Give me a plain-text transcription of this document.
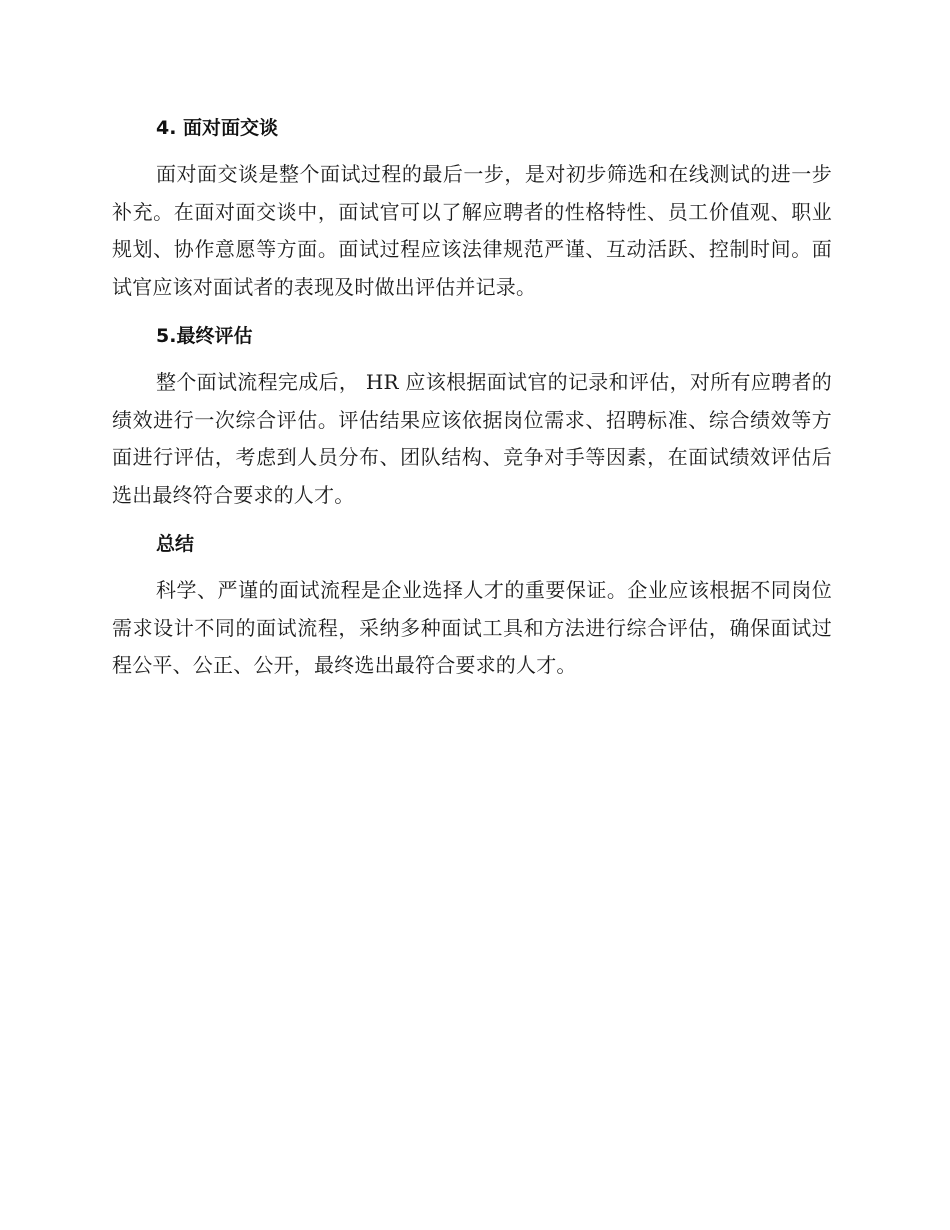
4. 面对面交谈

面对面交谈是整个面试过程的最后一步，是对初步筛选和在线测试的进一步补充。在面对面交谈中，面试官可以了解应聘者的性格特性、员工价值观、职业规划、协作意愿等方面。面试过程应该法律规范严谨、互动活跃、控制时间。面试官应该对面试者的表现及时做出评估并记录。

5.最终评估

整个面试流程完成后， HR 应该根据面试官的记录和评估，对所有应聘者的绩效进行一次综合评估。评估结果应该依据岗位需求、招聘标准、综合绩效等方面进行评估，考虑到人员分布、团队结构、竞争对手等因素，在面试绩效评估后选出最终符合要求的人才。

总结

科学、严谨的面试流程是企业选择人才的重要保证。企业应该根据不同岗位需求设计不同的面试流程，采纳多种面试工具和方法进行综合评估，确保面试过程公平、公正、公开，最终选出最符合要求的人才。
